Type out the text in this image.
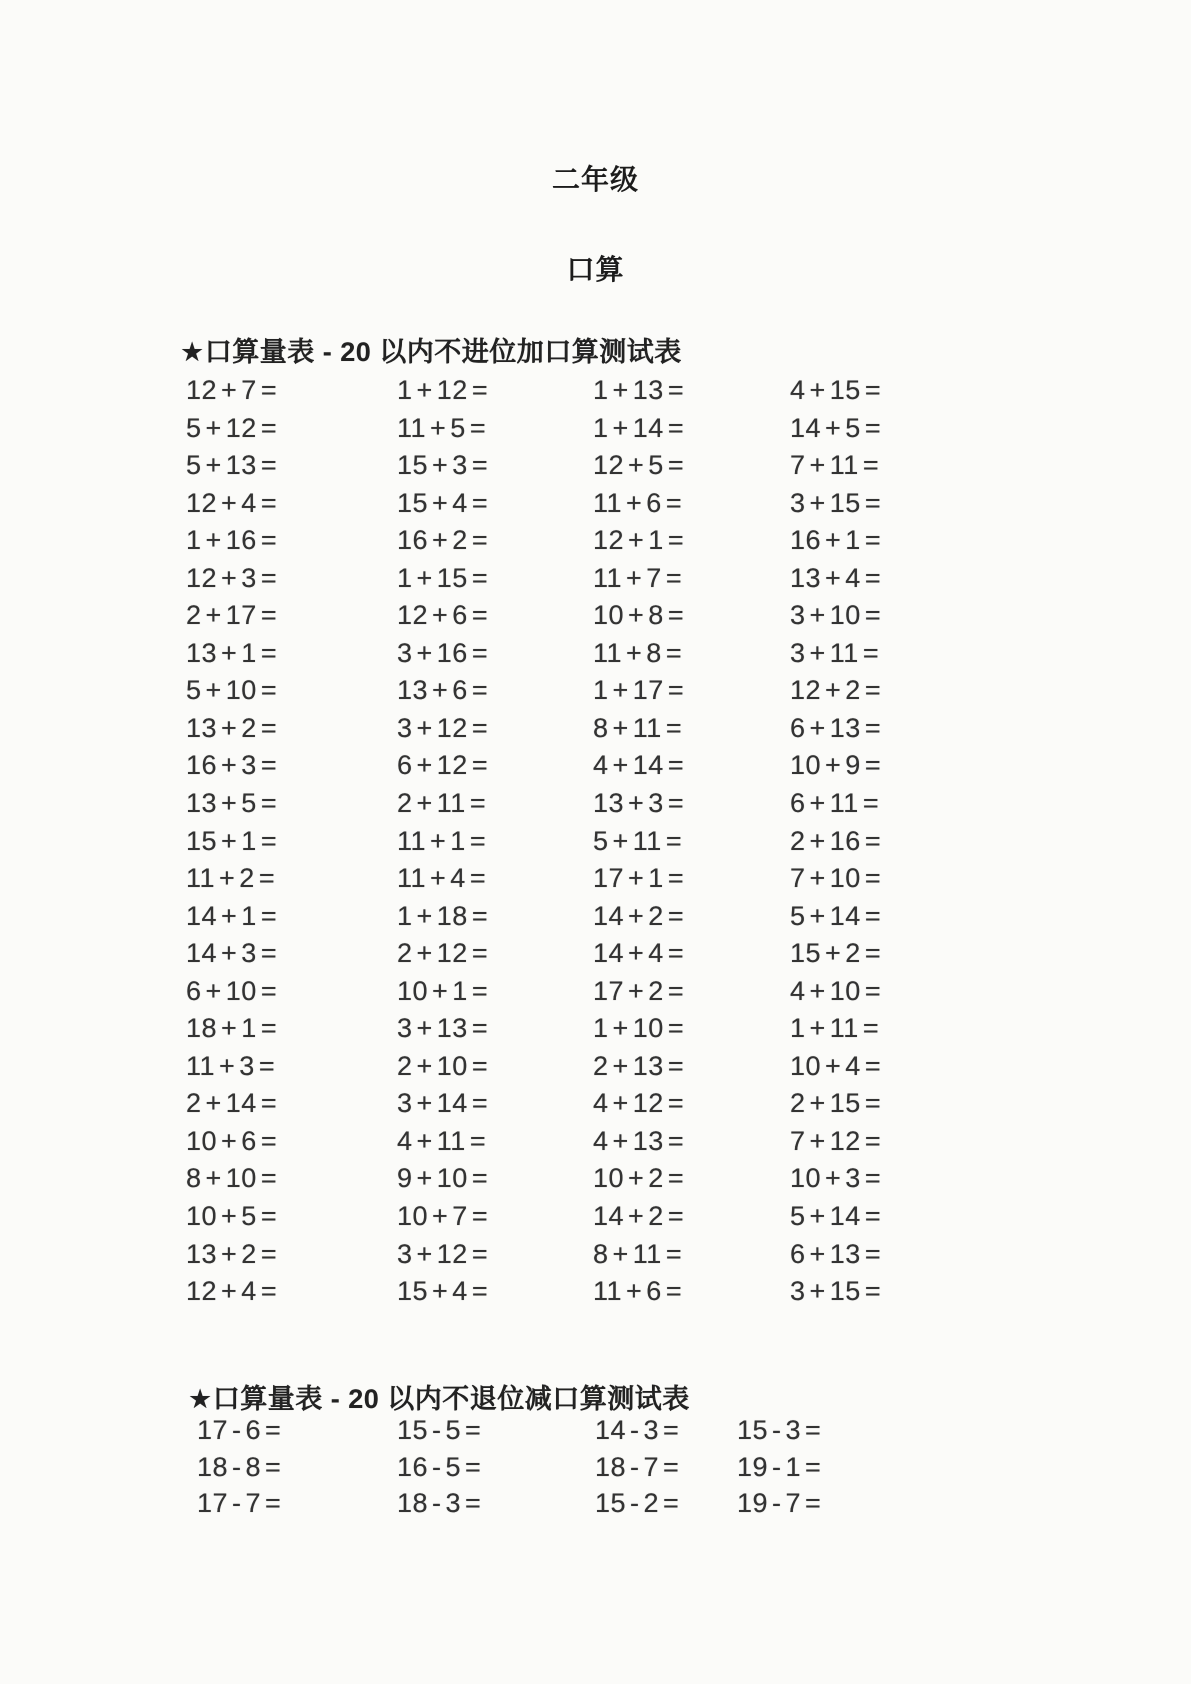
二年级
口算
★口算量表 - 20 以内不进位加口算测试表
12 + 7 =	1 + 12 =	1 + 13 =	4 + 15 =
5 + 12 =	11 + 5 =	1 + 14 =	14 + 5 =
5 + 13 =	15 + 3 =	12 + 5 =	7 + 11 =
12 + 4 =	15 + 4 =	11 + 6 =	3 + 15 =
1 + 16 =	16 + 2 =	12 + 1 =	16 + 1 =
12 + 3 =	1 + 15 =	11 + 7 =	13 + 4 =
2 + 17 =	12 + 6 =	10 + 8 =	3 + 10 =
13 + 1 =	3 + 16 =	11 + 8 =	3 + 11 =
5 + 10 =	13 + 6 =	1 + 17 =	12 + 2 =
13 + 2 =	3 + 12 =	8 + 11 =	6 + 13 =
16 + 3 =	6 + 12 =	4 + 14 =	10 + 9 =
13 + 5 =	2 + 11 =	13 + 3 =	6 + 11 =
15 + 1 =	11 + 1 =	5 + 11 =	2 + 16 =
11 + 2 =	11 + 4 =	17 + 1 =	7 + 10 =
14 + 1 =	1 + 18 =	14 + 2 =	5 + 14 =
14 + 3 =	2 + 12 =	14 + 4 =	15 + 2 =
6 + 10 =	10 + 1 =	17 + 2 =	4 + 10 =
18 + 1 =	3 + 13 =	1 + 10 =	1 + 11 =
11 + 3 =	2 + 10 =	2 + 13 =	10 + 4 =
2 + 14 =	3 + 14 =	4 + 12 =	2 + 15 =
10 + 6 =	4 + 11 =	4 + 13 =	7 + 12 =
8 + 10 =	9 + 10 =	10 + 2 =	10 + 3 =
10 + 5 =	10 + 7 =	14 + 2 =	5 + 14 =
13 + 2 =	3 + 12 =	8 + 11 =	6 + 13 =
12 + 4 =	15 + 4 =	11 + 6 =	3 + 15 =
★口算量表 - 20 以内不退位减口算测试表
17 - 6 =	15 - 5 =	14 - 3 =	15 - 3 =
18 - 8 =	16 - 5 =	18 - 7 =	19 - 1 =
17 - 7 =	18 - 3 =	15 - 2 =	19 - 7 =
